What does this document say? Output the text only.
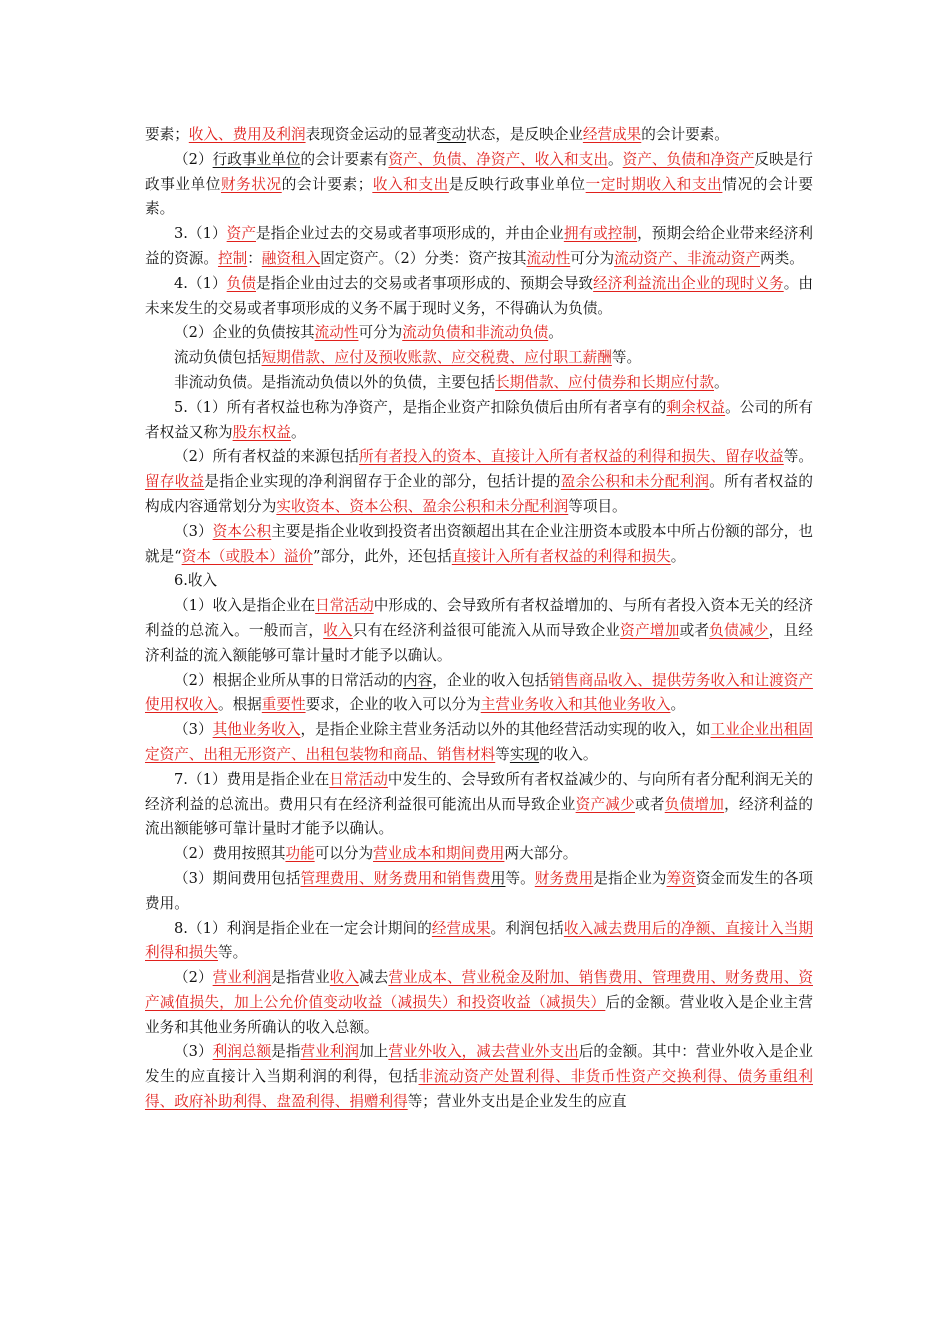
要素；收入、费用及利润表现资金运动的显著变动状态，是反映企业经营成果的会计要素。

（2）行政事业单位的会计要素有资产、负债、净资产、收入和支出。资产、负债和净资产反映是行政事业单位财务状况的会计要素；收入和支出是反映行政事业单位一定时期收入和支出情况的会计要素。

3.（1）资产是指企业过去的交易或者事项形成的，并由企业拥有或控制，预期会给企业带来经济利益的资源。控制：融资租入固定资产。（2）分类：资产按其流动性可分为流动资产、非流动资产两类。

4.（1）负债是指企业由过去的交易或者事项形成的、预期会导致经济利益流出企业的现时义务。由未来发生的交易或者事项形成的义务不属于现时义务，不得确认为负债。

（2）企业的负债按其流动性可分为流动负债和非流动负债。

流动负债包括短期借款、应付及预收账款、应交税费、应付职工薪酬等。

非流动负债。是指流动负债以外的负债，主要包括长期借款、应付债券和长期应付款。

5.（1）所有者权益也称为净资产，是指企业资产扣除负债后由所有者享有的剩余权益。公司的所有者权益又称为股东权益。

（2）所有者权益的来源包括所有者投入的资本、直接计入所有者权益的利得和损失、留存收益等。留存收益是指企业实现的净利润留存于企业的部分，包括计提的盈余公积和未分配利润。所有者权益的构成内容通常划分为实收资本、资本公积、盈余公积和未分配利润等项目。

（3）资本公积主要是指企业收到投资者出资额超出其在企业注册资本或股本中所占份额的部分，也就是“资本（或股本）溢价”部分，此外，还包括直接计入所有者权益的利得和损失。

6.收入

（1）收入是指企业在日常活动中形成的、会导致所有者权益增加的、与所有者投入资本无关的经济利益的总流入。一般而言，收入只有在经济利益很可能流入从而导致企业资产增加或者负债减少，且经济利益的流入额能够可靠计量时才能予以确认。

（2）根据企业所从事的日常活动的内容，企业的收入包括销售商品收入、提供劳务收入和让渡资产使用权收入。根据重要性要求，企业的收入可以分为主营业务收入和其他业务收入。

（3）其他业务收入，是指企业除主营业务活动以外的其他经营活动实现的收入，如工业企业出租固定资产、出租无形资产、出租包装物和商品、销售材料等实现的收入。

7.（1）费用是指企业在日常活动中发生的、会导致所有者权益减少的、与向所有者分配利润无关的经济利益的总流出。费用只有在经济利益很可能流出从而导致企业资产减少或者负债增加，经济利益的流出额能够可靠计量时才能予以确认。

（2）费用按照其功能可以分为营业成本和期间费用两大部分。

（3）期间费用包括管理费用、财务费用和销售费用等。财务费用是指企业为筹资资金而发生的各项费用。

8.（1）利润是指企业在一定会计期间的经营成果。利润包括收入减去费用后的净额、直接计入当期利得和损失等。

（2）营业利润是指营业收入减去营业成本、营业税金及附加、销售费用、管理费用、财务费用、资产减值损失，加上公允价值变动收益（减损失）和投资收益（减损失）后的金额。营业收入是企业主营业务和其他业务所确认的收入总额。

（3）利润总额是指营业利润加上营业外收入，减去营业外支出后的金额。其中：营业外收入是企业发生的应直接计入当期利润的利得，包括非流动资产处置利得、非货币性资产交换利得、债务重组利得、政府补助利得、盘盈利得、捐赠利得等；营业外支出是企业发生的应直
